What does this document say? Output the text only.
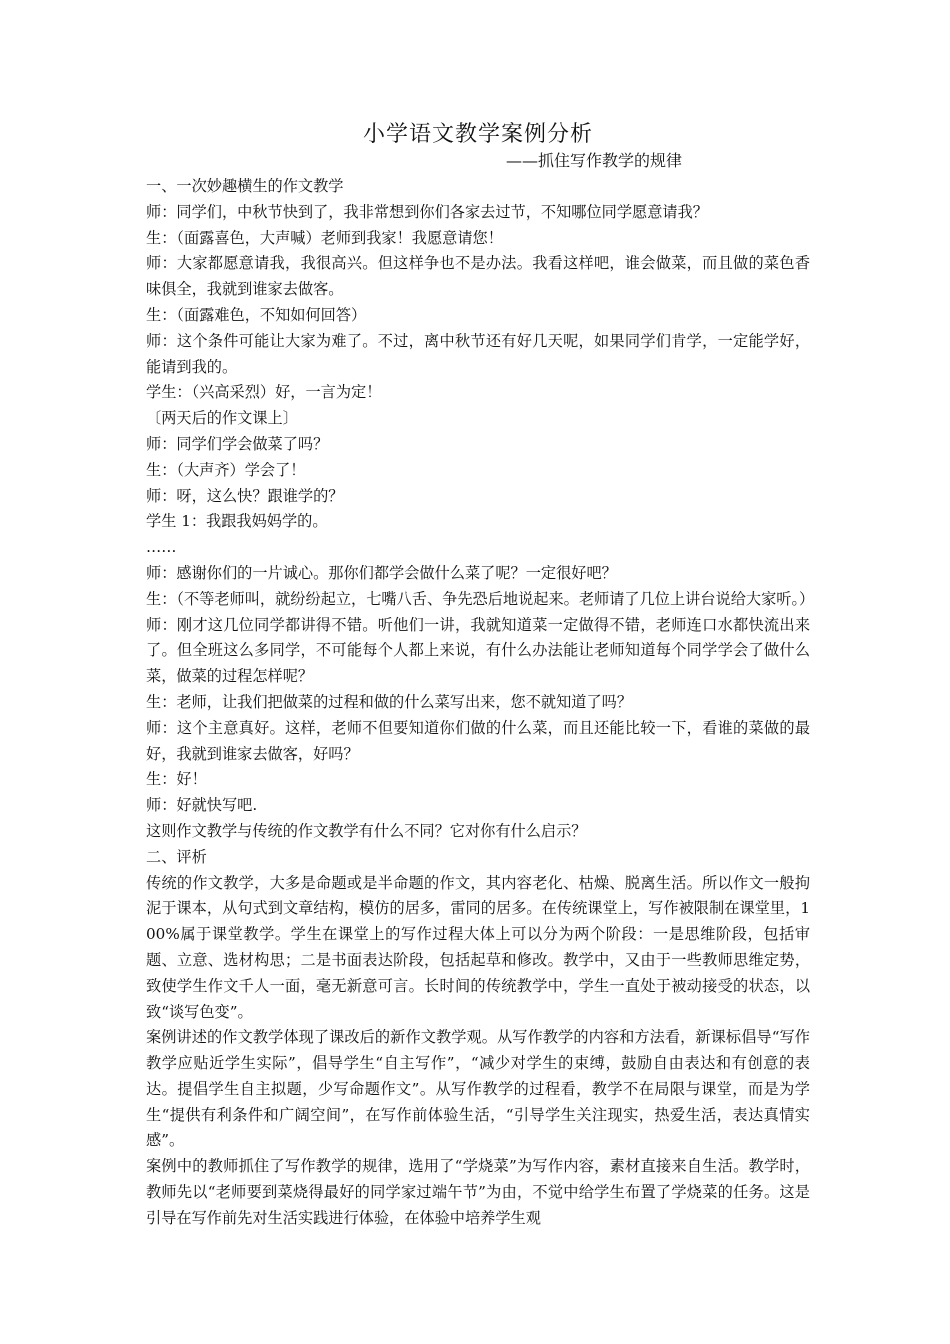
小学语文教学案例分析
——抓住写作教学的规律

一、一次妙趣横生的作文教学

师：同学们，中秋节快到了，我非常想到你们各家去过节，不知哪位同学愿意请我？

生：（面露喜色，大声喊）老师到我家！我愿意请您！

师：大家都愿意请我，我很高兴。但这样争也不是办法。我看这样吧，谁会做菜，而且做的菜色香味俱全，我就到谁家去做客。

生：（面露难色，不知如何回答）

师：这个条件可能让大家为难了。不过，离中秋节还有好几天呢，如果同学们肯学，一定能学好，能请到我的。

学生：（兴高采烈）好，一言为定！

〔两天后的作文课上〕

师：同学们学会做菜了吗？

生：（大声齐）学会了！

师：呀，这么快？跟谁学的？

学生 1：我跟我妈妈学的。

……

师：感谢你们的一片诚心。那你们都学会做什么菜了呢？一定很好吧？

生：（不等老师叫，就纷纷起立，七嘴八舌、争先恐后地说起来。老师请了几位上讲台说给大家听。）

师：刚才这几位同学都讲得不错。听他们一讲，我就知道菜一定做得不错，老师连口水都快流出来了。但全班这么多同学，不可能每个人都上来说，有什么办法能让老师知道每个同学学会了做什么菜，做菜的过程怎样呢？

生：老师，让我们把做菜的过程和做的什么菜写出来，您不就知道了吗？

师：这个主意真好。这样，老师不但要知道你们做的什么菜，而且还能比较一下，看谁的菜做的最好，我就到谁家去做客，好吗？

生：好！

师：好就快写吧.

这则作文教学与传统的作文教学有什么不同？它对你有什么启示？

二、评析

传统的作文教学，大多是命题或是半命题的作文，其内容老化、枯燥、脱离生活。所以作文一般拘泥于课本，从句式到文章结构，模仿的居多，雷同的居多。在传统课堂上，写作被限制在课堂里，100%属于课堂教学。学生在课堂上的写作过程大体上可以分为两个阶段：一是思维阶段，包括审题、立意、选材构思；二是书面表达阶段，包括起草和修改。教学中，又由于一些教师思维定势，致使学生作文千人一面，毫无新意可言。长时间的传统教学中，学生一直处于被动接受的状态，以致“谈写色变”。

案例讲述的作文教学体现了课改后的新作文教学观。从写作教学的内容和方法看，新课标倡导“写作教学应贴近学生实际”，倡导学生“自主写作”，“减少对学生的束缚，鼓励自由表达和有创意的表达。提倡学生自主拟题，少写命题作文”。从写作教学的过程看，教学不在局限与课堂，而是为学生“提供有利条件和广阔空间”，在写作前体验生活，“引导学生关注现实，热爱生活，表达真情实感”。

案例中的教师抓住了写作教学的规律，选用了“学烧菜”为写作内容，素材直接来自生活。教学时，教师先以“老师要到菜烧得最好的同学家过端午节”为由，不觉中给学生布置了学烧菜的任务。这是引导在写作前先对生活实践进行体验，在体验中培养学生观
